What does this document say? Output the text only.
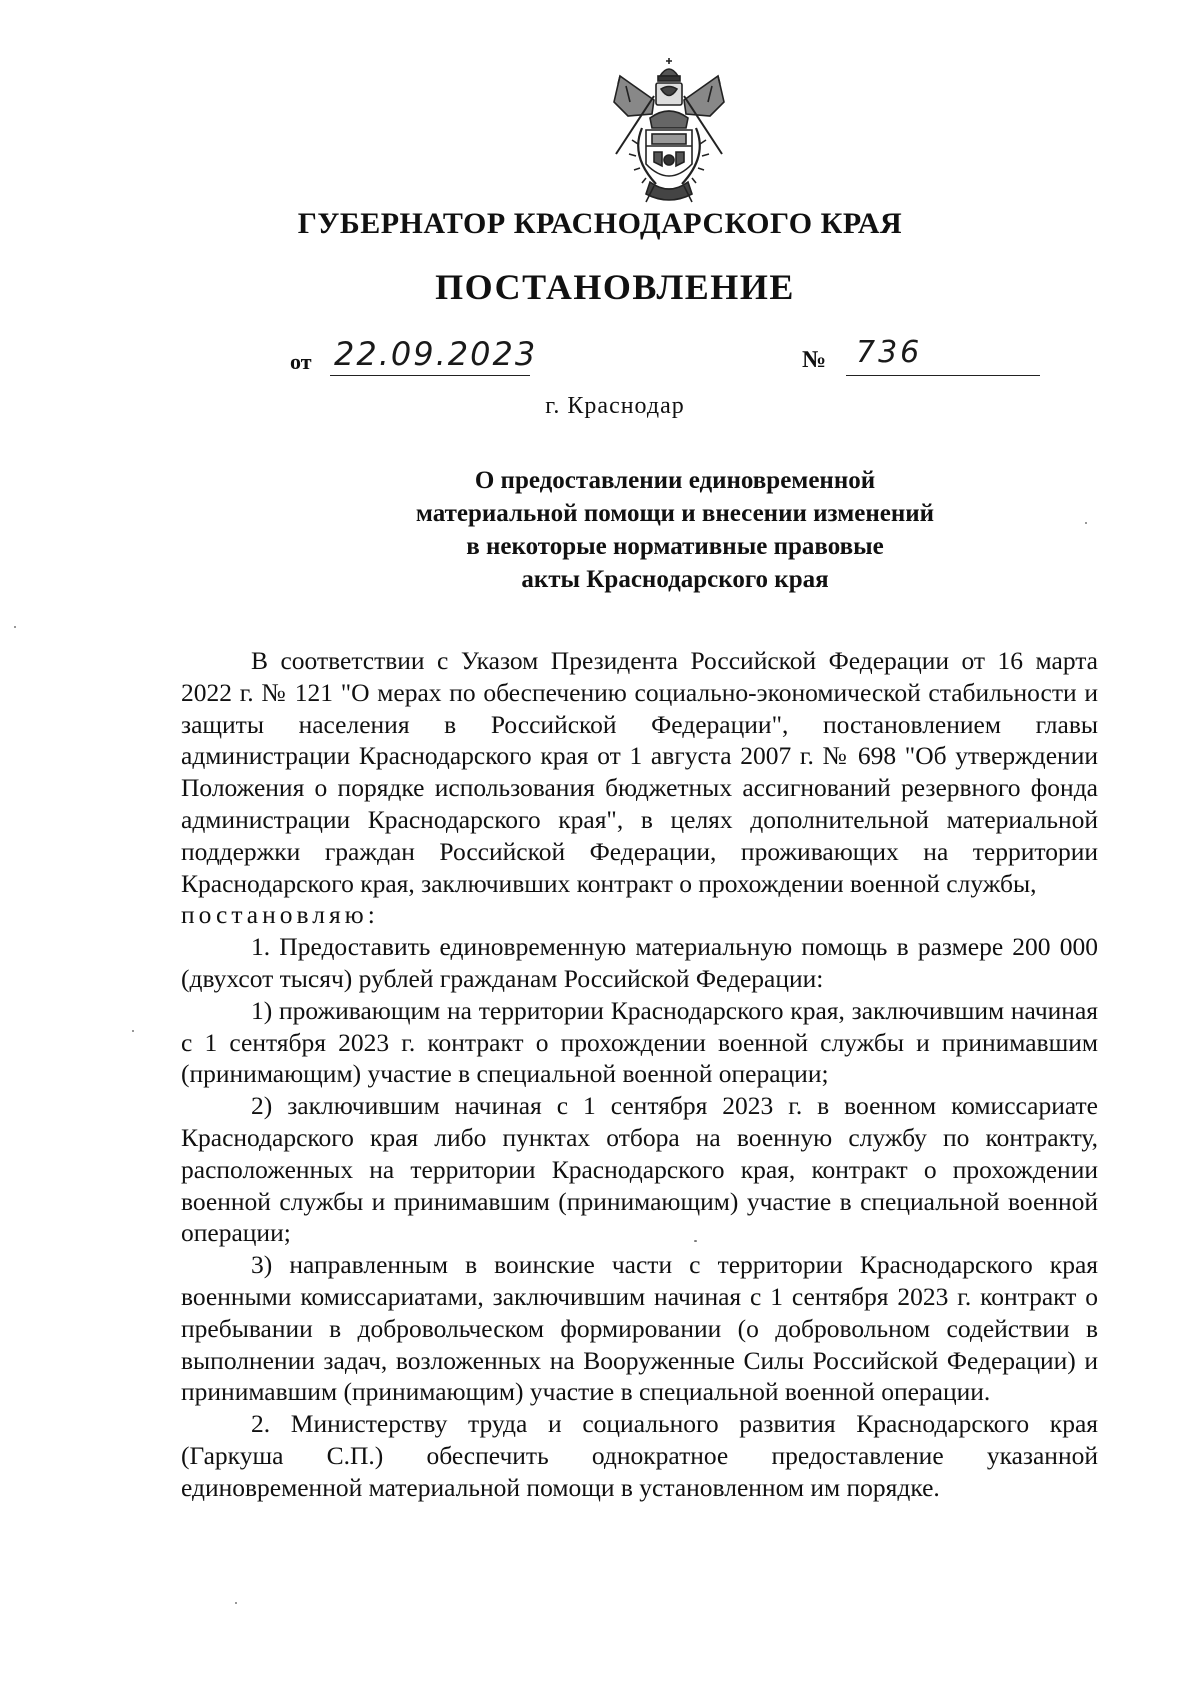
ГУБЕРНАТОР КРАСНОДАРСКОГО КРАЯ
ПОСТАНОВЛЕНИЕ
от 22.09.2023	№ 736
г. Краснодар
О предоставлении единовременной
материальной помощи и внесении изменений
в некоторые нормативные правовые
акты Краснодарского края

В соответствии с Указом Президента Российской Федерации от 16 марта 2022 г. № 121 "О мерах по обеспечению социально-экономической стабильности и защиты населения в Российской Федерации", постановлением главы администрации Краснодарского края от 1 августа 2007 г. № 698 "Об утверждении Положения о порядке использования бюджетных ассигнований резервного фонда администрации Краснодарского края", в целях дополнительной материальной поддержки граждан Российской Федерации, проживающих на территории Краснодарского края, заключивших контракт о прохождении военной службы,
постановляю:

1. Предоставить единовременную материальную помощь в размере 200 000 (двухсот тысяч) рублей гражданам Российской Федерации:

1) проживающим на территории Краснодарского края, заключившим начиная с 1 сентября 2023 г. контракт о прохождении военной службы и принимавшим (принимающим) участие в специальной военной операции;

2) заключившим начиная с 1 сентября 2023 г. в военном комиссариате Краснодарского края либо пунктах отбора на военную службу по контракту, расположенных на территории Краснодарского края, контракт о прохождении военной службы и принимавшим (принимающим) участие в специальной военной операции;

3) направленным в воинские части с территории Краснодарского края военными комиссариатами, заключившим начиная с 1 сентября 2023 г. контракт о пребывании в добровольческом формировании (о добровольном содействии в выполнении задач, возложенных на Вооруженные Силы Российской Федерации) и принимавшим (принимающим) участие в специальной военной операции.

2. Министерству труда и социального развития Краснодарского края (Гаркуша С.П.) обеспечить однократное предоставление указанной единовременной материальной помощи в установленном им порядке.
